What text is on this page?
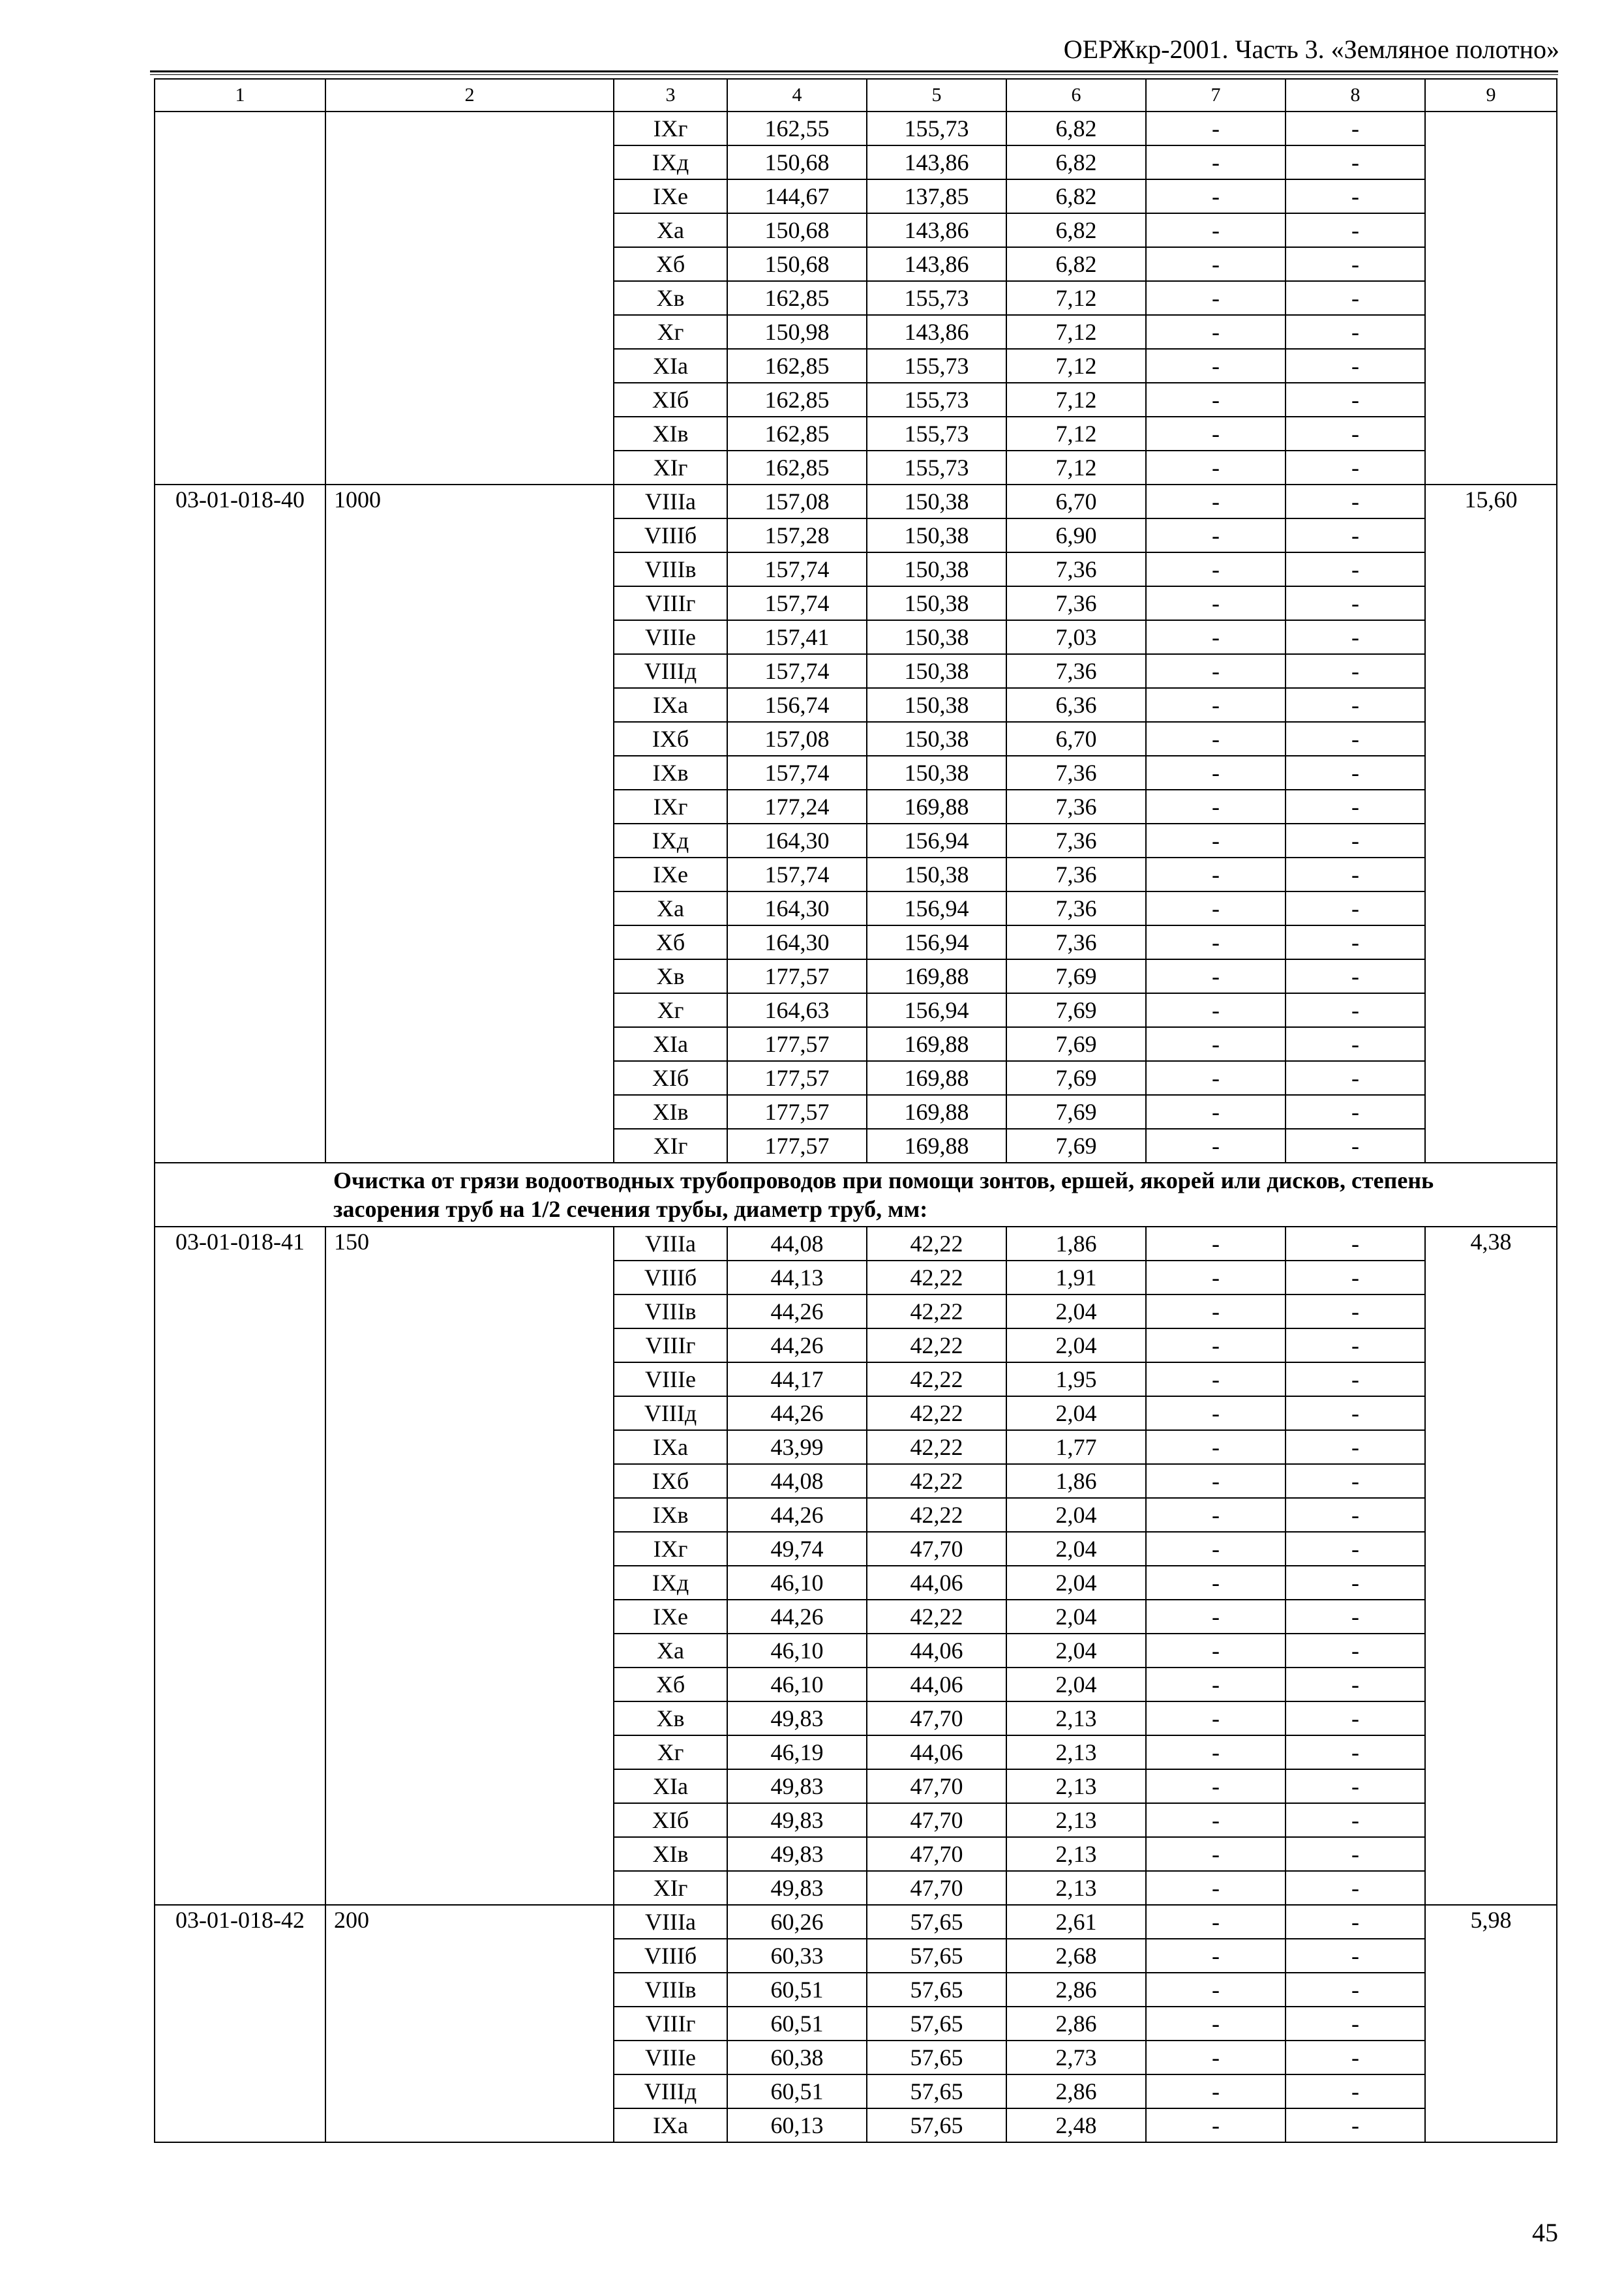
ОЕРЖкр-2001. Часть 3. «Земляное полотно»
1	2	3	4	5	6	7	8	9
		IXг	162,55	155,73	6,82	-	-	
		IXд	150,68	143,86	6,82	-	-	
		IXе	144,67	137,85	6,82	-	-	
		Xа	150,68	143,86	6,82	-	-	
		Xб	150,68	143,86	6,82	-	-	
		Xв	162,85	155,73	7,12	-	-	
		Xг	150,98	143,86	7,12	-	-	
		XIа	162,85	155,73	7,12	-	-	
		XIб	162,85	155,73	7,12	-	-	
		XIв	162,85	155,73	7,12	-	-	
		XIг	162,85	155,73	7,12	-	-	
03-01-018-40	1000	VIIIа	157,08	150,38	6,70	-	-	15,60
		VIIIб	157,28	150,38	6,90	-	-	
		VIIIв	157,74	150,38	7,36	-	-	
		VIIIг	157,74	150,38	7,36	-	-	
		VIIIе	157,41	150,38	7,03	-	-	
		VIIIд	157,74	150,38	7,36	-	-	
		IXа	156,74	150,38	6,36	-	-	
		IXб	157,08	150,38	6,70	-	-	
		IXв	157,74	150,38	7,36	-	-	
		IXг	177,24	169,88	7,36	-	-	
		IXд	164,30	156,94	7,36	-	-	
		IXе	157,74	150,38	7,36	-	-	
		Xа	164,30	156,94	7,36	-	-	
		Xб	164,30	156,94	7,36	-	-	
		Xв	177,57	169,88	7,69	-	-	
		Xг	164,63	156,94	7,69	-	-	
		XIа	177,57	169,88	7,69	-	-	
		XIб	177,57	169,88	7,69	-	-	
		XIв	177,57	169,88	7,69	-	-	
		XIг	177,57	169,88	7,69	-	-	
	Очистка от грязи водоотводных трубопроводов при помощи зонтов, ершей, якорей или дисков, степень засорения труб на 1/2 сечения трубы, диаметр труб, мм:							
03-01-018-41	150	VIIIа	44,08	42,22	1,86	-	-	4,38
		VIIIб	44,13	42,22	1,91	-	-	
		VIIIв	44,26	42,22	2,04	-	-	
		VIIIг	44,26	42,22	2,04	-	-	
		VIIIе	44,17	42,22	1,95	-	-	
		VIIIд	44,26	42,22	2,04	-	-	
		IXа	43,99	42,22	1,77	-	-	
		IXб	44,08	42,22	1,86	-	-	
		IXв	44,26	42,22	2,04	-	-	
		IXг	49,74	47,70	2,04	-	-	
		IXд	46,10	44,06	2,04	-	-	
		IXе	44,26	42,22	2,04	-	-	
		Xа	46,10	44,06	2,04	-	-	
		Xб	46,10	44,06	2,04	-	-	
		Xв	49,83	47,70	2,13	-	-	
		Xг	46,19	44,06	2,13	-	-	
		XIа	49,83	47,70	2,13	-	-	
		XIб	49,83	47,70	2,13	-	-	
		XIв	49,83	47,70	2,13	-	-	
		XIг	49,83	47,70	2,13	-	-	
03-01-018-42	200	VIIIа	60,26	57,65	2,61	-	-	5,98
		VIIIб	60,33	57,65	2,68	-	-	
		VIIIв	60,51	57,65	2,86	-	-	
		VIIIг	60,51	57,65	2,86	-	-	
		VIIIе	60,38	57,65	2,73	-	-	
		VIIIд	60,51	57,65	2,86	-	-	
		IXа	60,13	57,65	2,48	-	-	
45
